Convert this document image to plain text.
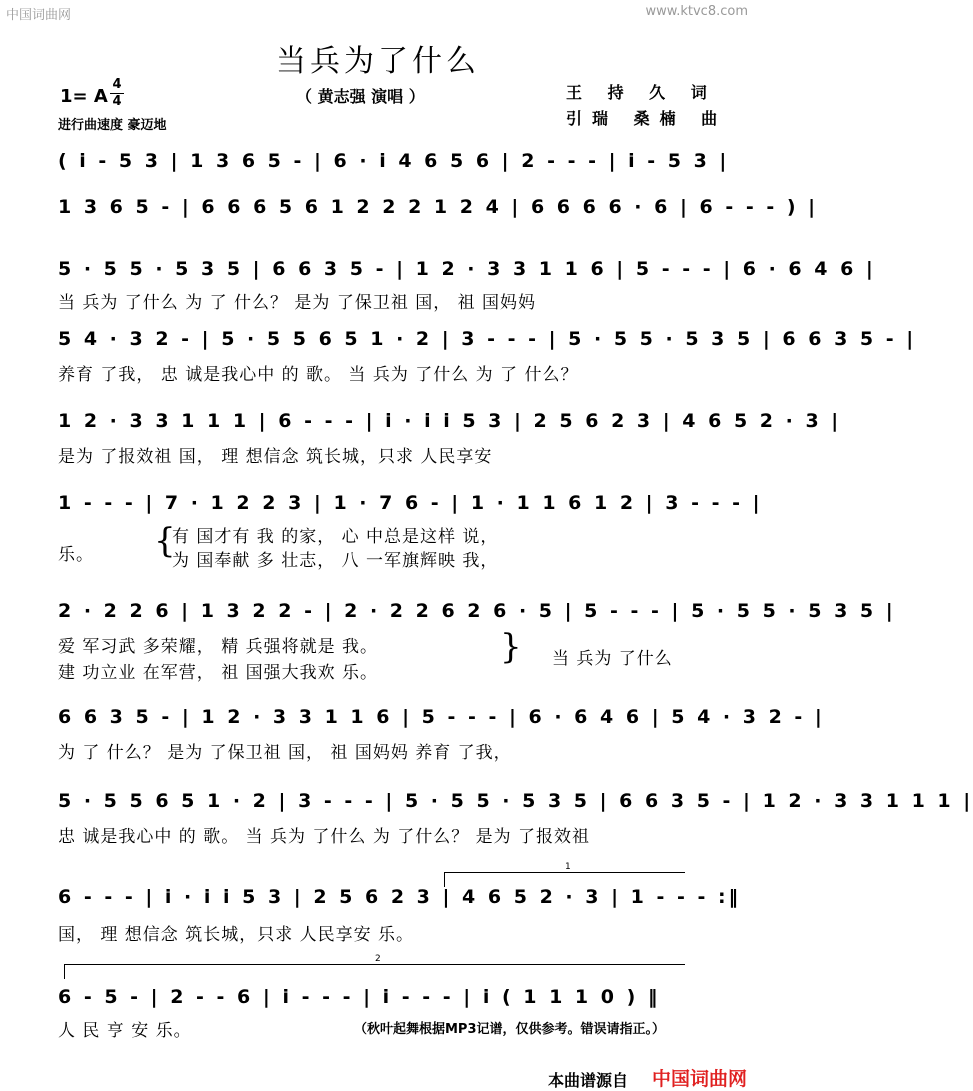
中国词曲网	www.ktvc8.com
当兵为了什么
（ 黄志强 演唱 ）	王 持 久 词
引瑞 桑楠 曲
1= A
4
4
进行曲速度 豪迈地
( i - 5 3 | 1 3 6 5 - | 6 · i 4 6 5 6 | 2 - - - | i - 5 3 |
1 3 6 5 - | 6 6 6 5 6 1 2 2 2 1 2 4 | 6 6 6 6 · 6 | 6 - - - ) |
5 · 5 5 · 5 3 5 | 6 6 3 5 - | 1 2 · 3 3 1 1 6 | 5 - - - | 6 · 6 4 6 |
当 兵为 了什么 为 了 什么？ 是为 了保卫祖 国， 祖 国妈妈
5 4 · 3 2 - | 5 · 5 5 6 5 1 · 2 | 3 - - - | 5 · 5 5 · 5 3 5 | 6 6 3 5 - |
养育 了我， 忠 诚是我心中 的 歌。 当 兵为 了什么 为 了 什么？
1 2 · 3 3 1 1 1 | 6 - - - | i · i i 5 3 | 2 5 6 2 3 | 4 6 5 2 · 3 |
是为 了报效祖 国， 理 想信念 筑长城，只求 人民享安
1 - - - | 7 · 1 2 2 3 | 1 · 7 6 - | 1 · 1 1 6 1 2 | 3 - - - |
乐。	{
有 国才有 我 的家， 心 中总是这样 说，
为 国奉献 多 壮志， 八 一军旗辉映 我，
2 · 2 2 6 | 1 3 2 2 - | 2 · 2 2 6 2 6 · 5 | 5 - - - | 5 · 5 5 · 5 3 5 |
爱 军习武 多荣耀， 精 兵强将就是 我。
建 功立业 在军营， 祖 国强大我欢 乐。
} 当 兵为 了什么
6 6 3 5 - | 1 2 · 3 3 1 1 6 | 5 - - - | 6 · 6 4 6 | 5 4 · 3 2 - |
为 了 什么？ 是为 了保卫祖 国， 祖 国妈妈 养育 了我，
5 · 5 5 6 5 1 · 2 | 3 - - - | 5 · 5 5 · 5 3 5 | 6 6 3 5 - | 1 2 · 3 3 1 1 1 |
忠 诚是我心中 的 歌。 当 兵为 了什么 为 了什么？ 是为 了报效祖
1
6 - - - | i · i i 5 3 | 2 5 6 2 3 | 4 6 5 2 · 3 | 1 - - - :‖
国， 理 想信念 筑长城，只求 人民享安 乐。
2
6 - 5 - | 2 - - 6 | i - - - | i - - - | i ( 1 1 1 0 ) ‖
人 民 亨 安 乐。	（秋叶起舞根据MP3记谱，仅供参考。错误请指正。）
本曲谱源自 中国词曲网
